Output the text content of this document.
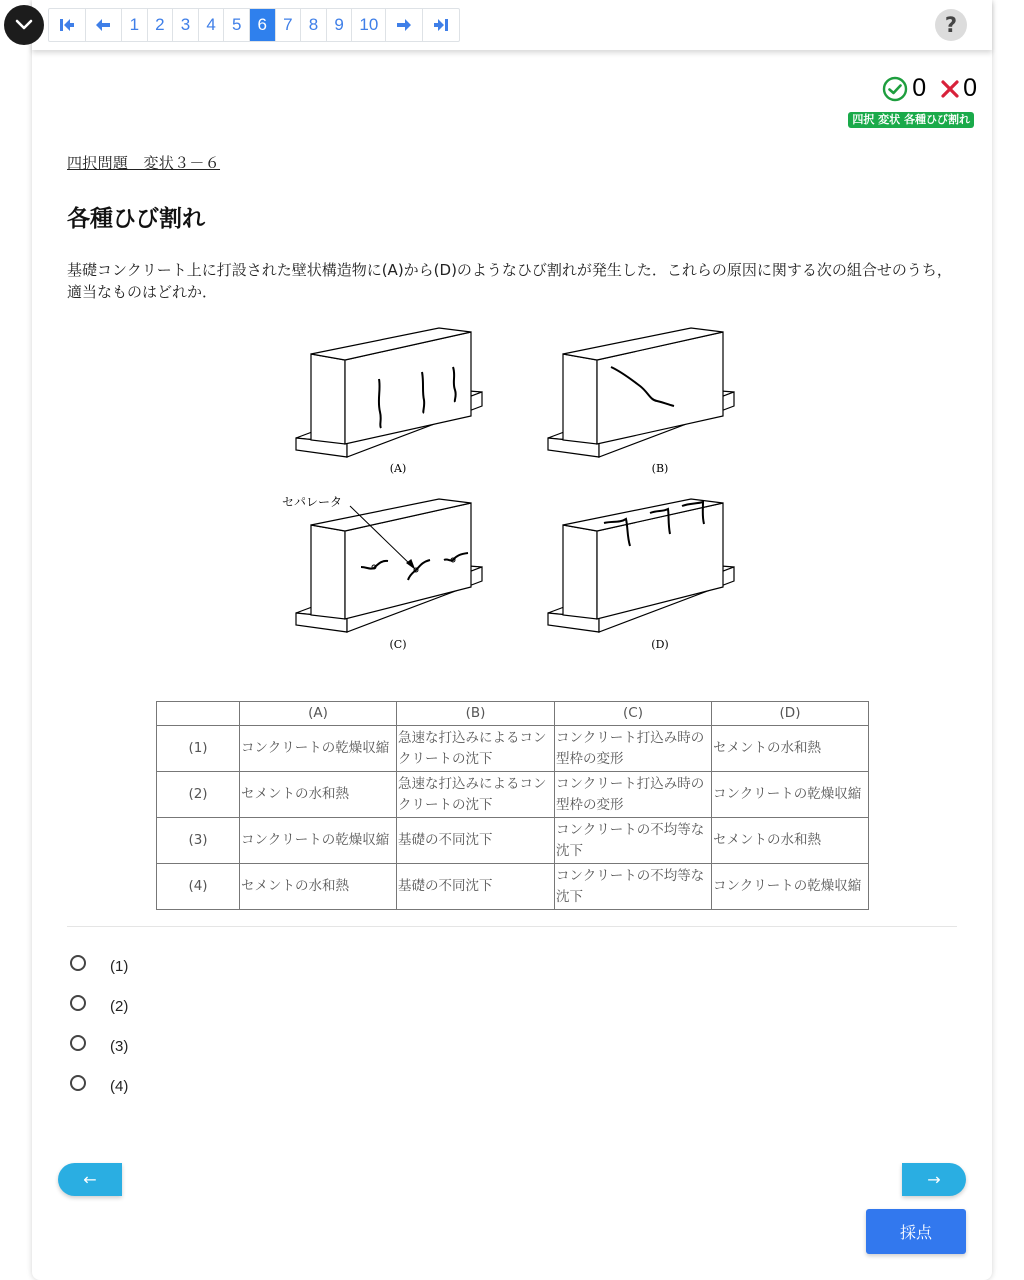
1 2 3 4 5 6 7 8 9 10	?
0 0
四択 変状 各種ひび割れ
四択問題　変状３－６
各種ひび割れ
基礎コンクリート上に打設された壁状構造物に(A)から(D)のようなひび割れが発生した．これらの原因に関する次の組合せのうち，適当なものはどれか．
セパレータ
(A)	(B)
(C)	(D)
	(A)	(B)	(C)	(D)
(1)	コンクリートの乾燥収縮	急速な打込みによるコンクリートの沈下	コンクリート打込み時の型枠の変形	セメントの水和熱
(2)	セメントの水和熱	急速な打込みによるコンクリートの沈下	コンクリート打込み時の型枠の変形	コンクリートの乾燥収縮
(3)	コンクリートの乾燥収縮	基礎の不同沈下	コンクリートの不均等な沈下	セメントの水和熱
(4)	セメントの水和熱	基礎の不同沈下	コンクリートの不均等な沈下	コンクリートの乾燥収縮
(1)
(2)
(3)
(4)
←	→
採点
